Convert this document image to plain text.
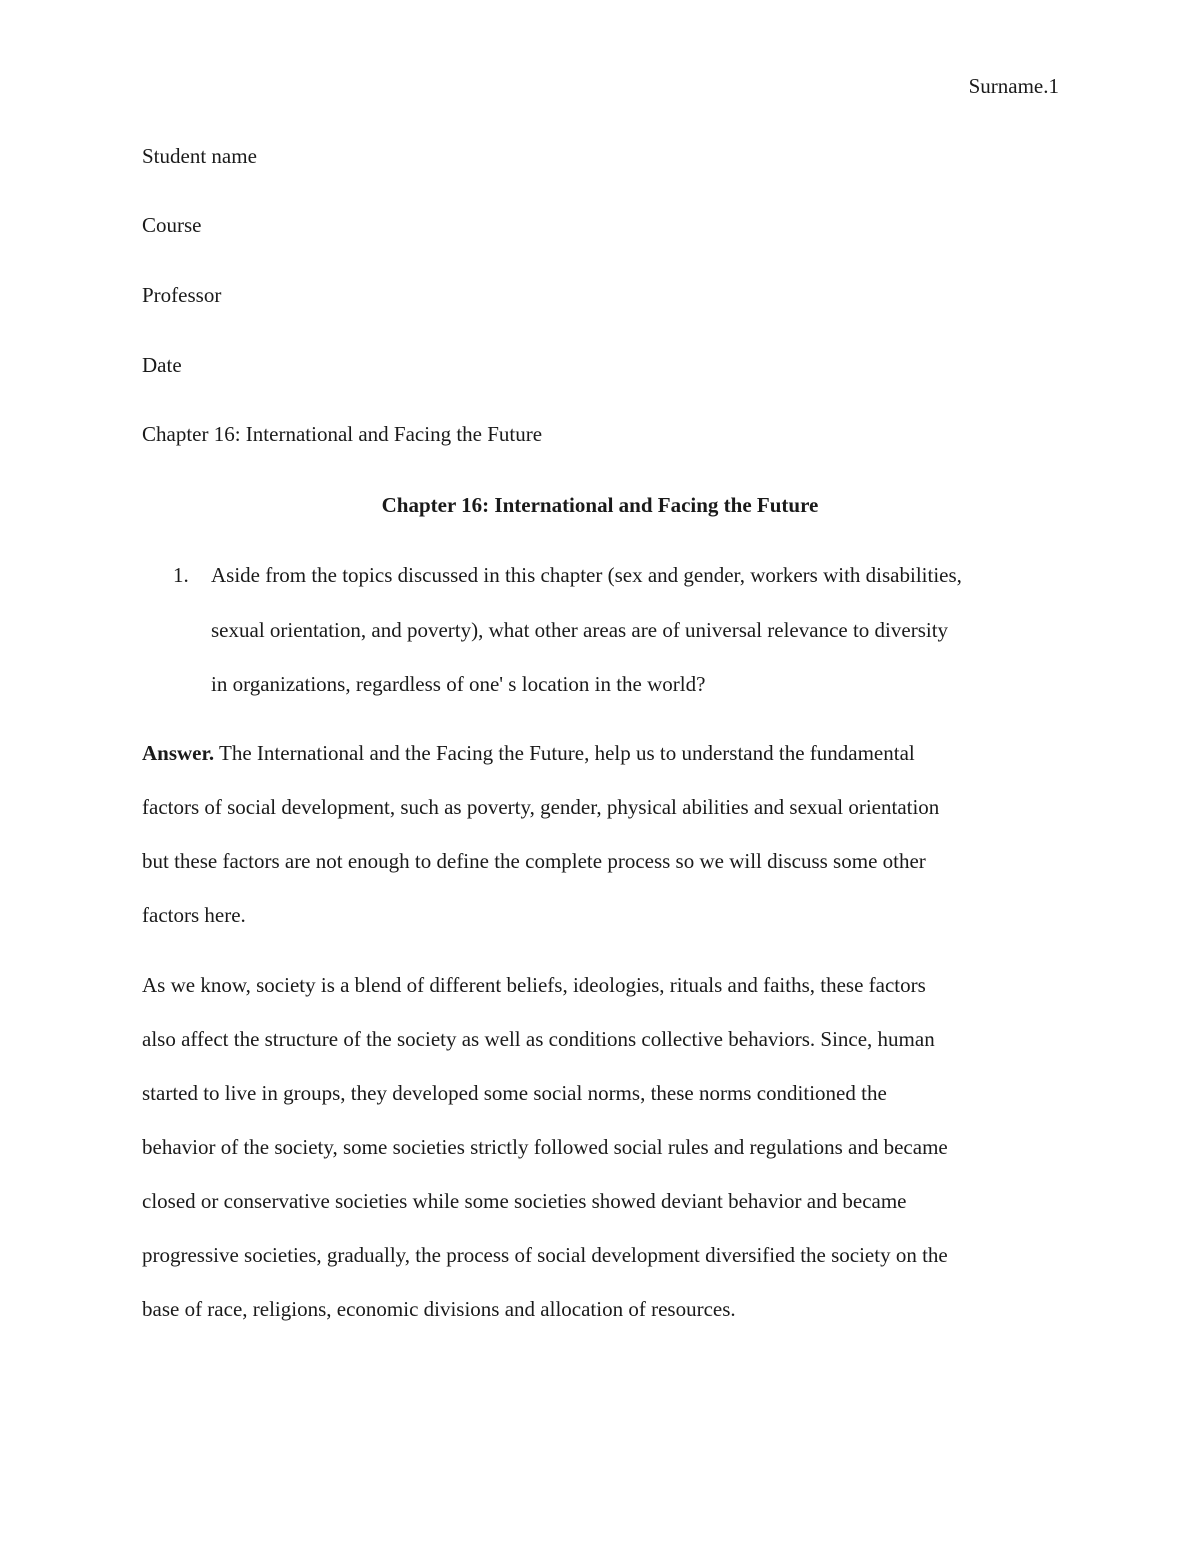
Surname.1
Student name
Course
Professor
Date
Chapter 16: International and Facing the Future
Chapter 16: International and Facing the Future
1. Aside from the topics discussed in this chapter (sex and gender, workers with disabilities,
sexual orientation, and poverty), what other areas are of universal relevance to diversity
in organizations, regardless of one' s location in the world?
Answer. The International and the Facing the Future, help us to understand the fundamental
factors of social development, such as poverty, gender, physical abilities and sexual orientation
but these factors are not enough to define the complete process so we will discuss some other
factors here.
As we know, society is a blend of different beliefs, ideologies, rituals and faiths, these factors
also affect the structure of the society as well as conditions collective behaviors. Since, human
started to live in groups, they developed some social norms, these norms conditioned the
behavior of the society, some societies strictly followed social rules and regulations and became
closed or conservative societies while some societies showed deviant behavior and became
progressive societies, gradually, the process of social development diversified the society on the
base of race, religions, economic divisions and allocation of resources.
